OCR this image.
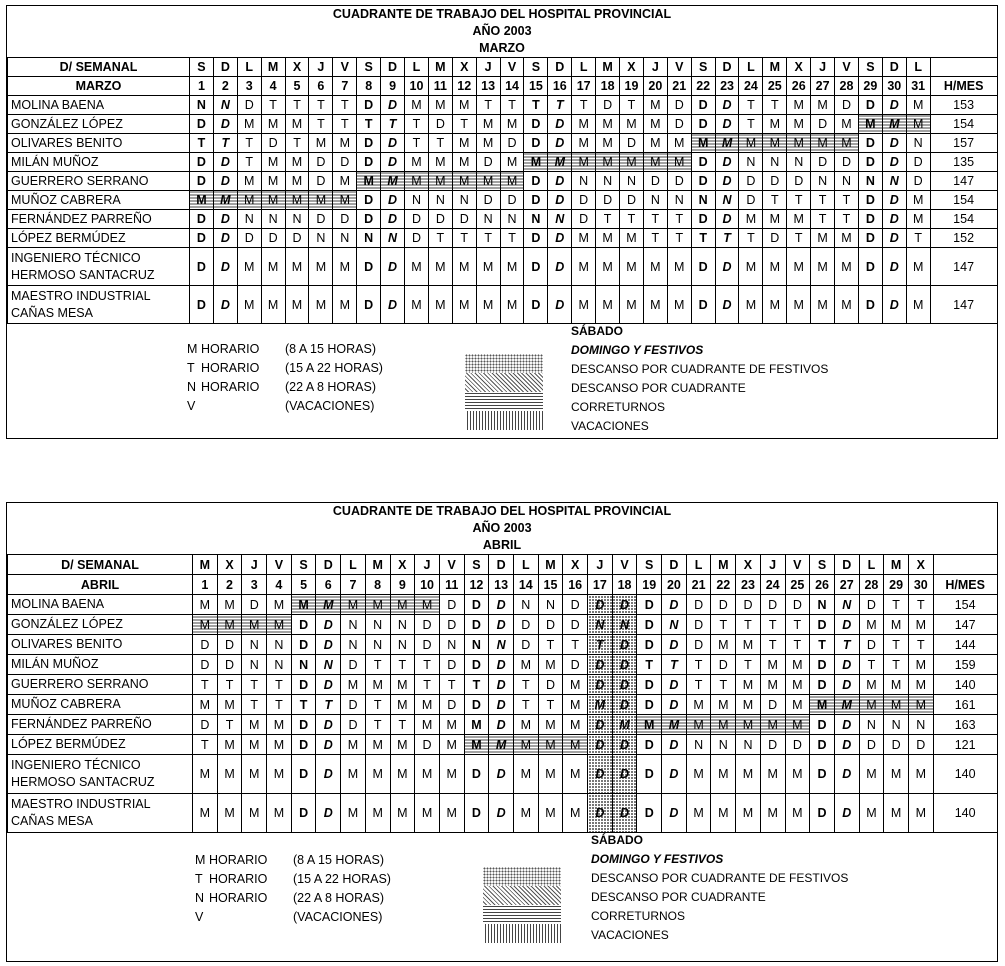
CUADRANTE DE TRABAJO DEL HOSPITAL PROVINCIAL
AÑO 2003
MARZO
D/ SEMANAL	S	D	L	M	X	J	V	S	D	L	M	X	J	V	S	D	L	M	X	J	V	S	D	L	M	X	J	V	S	D	L	
MARZO	1	2	3	4	5	6	7	8	9	10	11	12	13	14	15	16	17	18	19	20	21	22	23	24	25	26	27	28	29	30	31	H/MES
MOLINA BAENA	N	N	D	T	T	T	T	D	D	M	M	M	T	T	T	T	T	D	T	M	D	D	D	T	T	M	M	D	D	D	M	153
GONZÁLEZ LÓPEZ	D	D	M	M	M	T	T	T	T	T	D	T	M	M	D	D	M	M	M	M	D	D	D	T	M	M	D	M	M	M	M	154
OLIVARES BENITO	T	T	T	D	T	M	M	D	D	T	T	M	M	D	D	D	M	M	D	M	M	M	M	M	M	M	M	M	D	D	N	157
MILÁN MUÑOZ	D	D	T	M	M	D	D	D	D	M	M	M	D	M	M	M	M	M	M	M	M	D	D	N	N	N	D	D	D	D	D	135
GUERRERO SERRANO	D	D	M	M	M	D	M	M	M	M	M	M	M	M	D	D	N	N	N	D	D	D	D	D	D	D	N	N	N	N	D	147
MUÑOZ CABRERA	M	M	M	M	M	M	M	D	D	N	N	N	D	D	D	D	D	D	D	N	N	N	N	D	T	T	T	T	D	D	M	154
FERNÁNDEZ PARREÑO	D	D	N	N	N	D	D	D	D	D	D	D	N	N	N	N	D	T	T	T	T	D	D	M	M	M	T	T	D	D	M	154
LÓPEZ BERMÚDEZ	D	D	D	D	D	N	N	N	N	D	T	T	T	T	D	D	M	M	M	T	T	T	T	T	D	T	M	M	D	D	T	152
INGENIERO TÉCNICO HERMOSO SANTACRUZ	D	D	M	M	M	M	M	D	D	M	M	M	M	M	D	D	M	M	M	M	M	D	D	M	M	M	M	M	D	D	M	147
MAESTRO INDUSTRIAL CAÑAS MESA	D	D	M	M	M	M	M	D	D	M	M	M	M	M	D	D	M	M	M	M	M	D	D	M	M	M	M	M	D	D	M	147
M HORARIO (8 A 15 HORAS)
T HORARIO (15 A 22 HORAS)
N HORARIO (22 A 8 HORAS)
V	(VACACIONES)
SÁBADO
DOMINGO Y FESTIVOS
DESCANSO POR CUADRANTE DE FESTIVOS
DESCANSO POR CUADRANTE
CORRETURNOS
VACACIONES
CUADRANTE DE TRABAJO DEL HOSPITAL PROVINCIAL
AÑO 2003
ABRIL
D/ SEMANAL	M	X	J	V	S	D	L	M	X	J	V	S	D	L	M	X	J	V	S	D	L	M	X	J	V	S	D	L	M	X	
ABRIL	1	2	3	4	5	6	7	8	9	10	11	12	13	14	15	16	17	18	19	20	21	22	23	24	25	26	27	28	29	30	H/MES
MOLINA BAENA	M	M	D	M	M	M	M	M	M	M	D	D	D	N	N	D	D	D	D	D	D	D	D	D	D	N	N	D	T	T	154
GONZÁLEZ LÓPEZ	M	M	M	M	D	D	N	N	N	D	D	D	D	D	D	D	N	N	D	N	D	T	T	T	T	D	D	M	M	M	147
OLIVARES BENITO	D	D	N	N	D	D	N	N	N	D	N	N	N	D	T	T	T	D	D	D	D	M	M	T	T	T	T	D	T	T	144
MILÁN MUÑOZ	D	D	N	N	N	N	D	T	T	T	D	D	D	M	M	D	D	D	T	T	T	D	T	M	M	D	D	T	T	M	159
GUERRERO SERRANO	T	T	T	T	D	D	M	M	M	T	T	T	D	T	D	M	D	D	D	D	T	T	M	M	M	D	D	M	M	M	140
MUÑOZ CABRERA	M	M	T	T	T	T	D	T	M	M	D	D	D	T	T	M	M	D	D	D	M	M	M	D	M	M	M	M	M	M	161
FERNÁNDEZ PARREÑO	D	T	M	M	D	D	D	T	T	M	M	M	D	M	M	M	D	M	M	M	M	M	M	M	M	D	D	N	N	N	163
LÓPEZ BERMÚDEZ	T	M	M	M	D	D	M	M	M	D	M	M	M	M	M	M	D	D	D	D	N	N	N	D	D	D	D	D	D	D	121
INGENIERO TÉCNICO HERMOSO SANTACRUZ	M	M	M	M	D	D	M	M	M	M	M	D	D	M	M	M	D	D	D	D	M	M	M	M	M	D	D	M	M	M	140
MAESTRO INDUSTRIAL CAÑAS MESA	M	M	M	M	D	D	M	M	M	M	M	D	D	M	M	M	D	D	D	D	M	M	M	M	M	D	D	M	M	M	140
M HORARIO (8 A 15 HORAS)
T HORARIO (15 A 22 HORAS)
N HORARIO (22 A 8 HORAS)
V	(VACACIONES)
SÁBADO
DOMINGO Y FESTIVOS
DESCANSO POR CUADRANTE DE FESTIVOS
DESCANSO POR CUADRANTE
CORRETURNOS
VACACIONES
